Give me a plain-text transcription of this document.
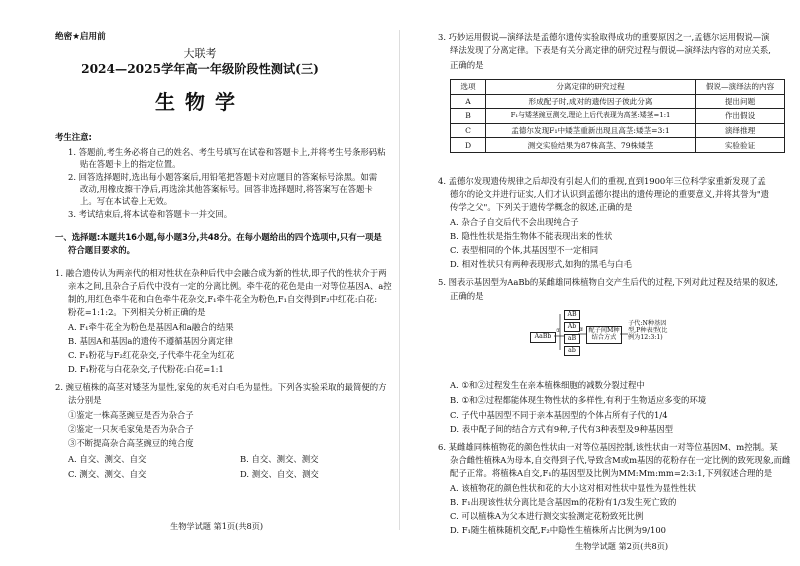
绝密★启用前
大联考
2024—2025学年高一年级阶段性测试(三)
生物学
考生注意:
1. 答题前,考生务必将自己的姓名、考生号填写在试卷和答题卡上,并将考生号条形码粘
贴在答题卡上的指定位置。
2. 回答选择题时,选出每小题答案后,用铅笔把答题卡对应题目的答案标号涂黑。如需
改动,用橡皮擦干净后,再选涂其他答案标号。回答非选择题时,将答案写在答题卡
上。写在本试卷上无效。
3. 考试结束后,将本试卷和答题卡一并交回。
一、选择题:本题共16小题,每小题3分,共48分。在每小题给出的四个选项中,只有一项是
符合题目要求的。
1. 融合遗传认为两亲代的相对性状在杂种后代中会融合成为新的性状,即子代的性状介于两
亲本之间,且杂合子后代中没有一定的分离比例。牵牛花的花色是由一对等位基因A、a控
制的,用红色牵牛花和白色牵牛花杂交,F₁牵牛花全为粉色,F₁自交得到F₂中红花:白花:
粉花=1:1:2。下列相关分析正确的是
A. F₁牵牛花全为粉色是基因A和a融合的结果
B. 基因A和基因a的遗传不遵循基因分离定律
C. F₁粉花与F₂红花杂交,子代牵牛花全为红花
D. F₁粉花与白花杂交,子代粉花:白花=1:1
2. 豌豆植株的高茎对矮茎为显性,家兔的灰毛对白毛为显性。下列各实验采取的最简便的方
法分别是
①鉴定一株高茎豌豆是否为杂合子
②鉴定一只灰毛家兔是否为杂合子
③不断提高杂合高茎豌豆的纯合度
A. 自交、测交、自交	B. 自交、测交、测交
C. 测交、测交、自交	D. 测交、自交、测交
生物学试题 第1页(共8页)
3. 巧妙运用假说—演绎法是孟德尔遗传实验取得成功的重要原因之一,孟德尔运用假说—演
绎法发现了分离定律。下表是有关分离定律的研究过程与假说—演绎法内容的对应关系,
正确的是
选项	分离定律的研究过程	假说—演绎法的内容
A	形成配子时,成对的遗传因子彼此分离	提出问题
B	F₁与矮茎豌豆测交,理论上后代表现为高茎:矮茎=1:1	作出假设
C	孟德尔发现F₁中矮茎重新出现且高茎:矮茎=3:1	演绎推理
D	测交实验结果为87株高茎、79株矮茎	实验验证
4. 孟德尔发现遗传规律之后却没有引起人们的重视,直到1900年三位科学家重新发现了孟
德尔的论文并进行证实,人们才认识到孟德尔提出的遗传理论的重要意义,并将其誉为"遗
传学之父"。下列关于遗传学概念的叙述,正确的是
A. 杂合子自交后代不会出现纯合子
B. 隐性性状是指生物体不能表现出来的性状
C. 表型相同的个体,其基因型不一定相同
D. 相对性状只有两种表现形式,如狗的黑毛与白毛
5. 图表示基因型为AaBb的某雌雄同株植物自交产生后代的过程,下列对此过程及结果的叙述,
正确的是
AaBb
AB
Ab
aB
ab
配子间M种结合方式
子代:N种基因型,P种表型(比例为12:3:1)
①	②
A. ①和②过程发生在亲本植株细胞的减数分裂过程中
B. ①和②过程都能体现生物性状的多样性,有利于生物适应多变的环境
C. 子代中基因型不同于亲本基因型的个体占所有子代的1/4
D. 表中配子间的结合方式有9种,子代有3种表型及9种基因型
6. 某雌雄同株植物花的颜色性状由一对等位基因控制,该性状由一对等位基因M、m控制。某
杂合雌性植株A为母本,自交得到子代,导致含M或m基因的花粉存在一定比例的致死现象,而雌
配子正常。将植株A自交,F₁的基因型及比例为MM:Mm:mm=2:3:1,下列叙述合理的是
A. 该植物花的颜色性状和花的大小这对相对性状中显性为显性性状
B. F₁出现该性状分离比是含基因m的花粉有1/3发生死亡致的
C. 可以植株A为父本进行测交实验测定花粉致死比例
D. F₁随生植株随机交配,F₂中隐性生植株所占比例为9/100
生物学试题 第2页(共8页)
